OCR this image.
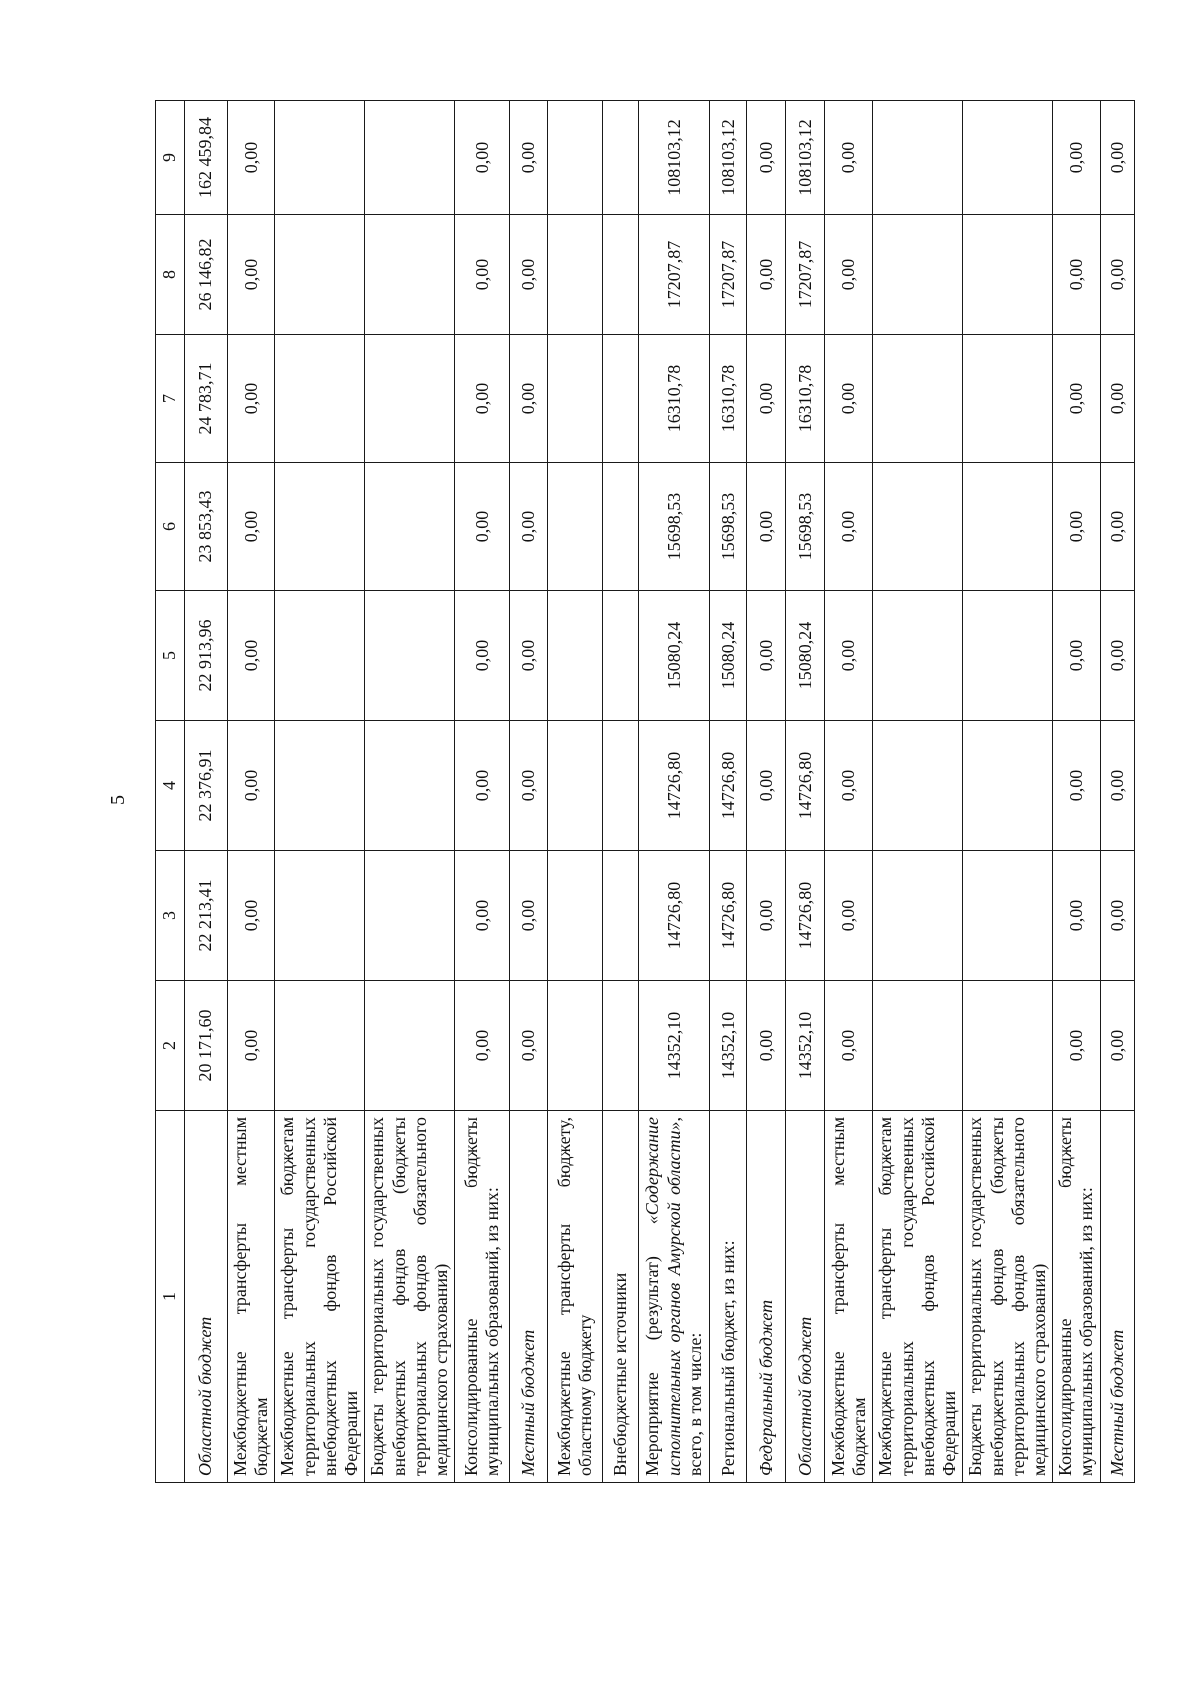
5
1	2	3	4	5	6	7	8	9
Областной бюджет	20 171,60	22 213,41	22 376,91	22 913,96	23 853,43	24 783,71	26 146,82	162 459,84
Межбюджетные трансферты местным бюджетам	0,00	0,00	0,00	0,00	0,00	0,00	0,00	0,00
Межбюджетные трансферты бюджетам территориальных государственных внебюджетных фондов Российской Федерации								
Бюджеты территориальных государственных внебюджетных фондов (бюджеты территориальных фондов обязательного медицинского страхования)								
Консолидированные бюджеты муниципальных образований, из них:	0,00	0,00	0,00	0,00	0,00	0,00	0,00	0,00
Местный бюджет	0,00	0,00	0,00	0,00	0,00	0,00	0,00	0,00
Межбюджетные трансферты бюджету, областному бюджету								
Внебюджетные источники								
Мероприятие (результат) «Содержание исполнительных органов Амурской области», всего, в том числе:	14352,10	14726,80	14726,80	15080,24	15698,53	16310,78	17207,87	108103,12
Региональный бюджет, из них:	14352,10	14726,80	14726,80	15080,24	15698,53	16310,78	17207,87	108103,12
Федеральный бюджет	0,00	0,00	0,00	0,00	0,00	0,00	0,00	0,00
Областной бюджет	14352,10	14726,80	14726,80	15080,24	15698,53	16310,78	17207,87	108103,12
Межбюджетные трансферты местным бюджетам	0,00	0,00	0,00	0,00	0,00	0,00	0,00	0,00
Межбюджетные трансферты бюджетам территориальных государственных внебюджетных фондов Российской Федерации								
Бюджеты территориальных государственных внебюджетных фондов (бюджеты территориальных фондов обязательного медицинского страхования)								
Консолидированные бюджеты муниципальных образований, из них:	0,00	0,00	0,00	0,00	0,00	0,00	0,00	0,00
Местный бюджет	0,00	0,00	0,00	0,00	0,00	0,00	0,00	0,00
